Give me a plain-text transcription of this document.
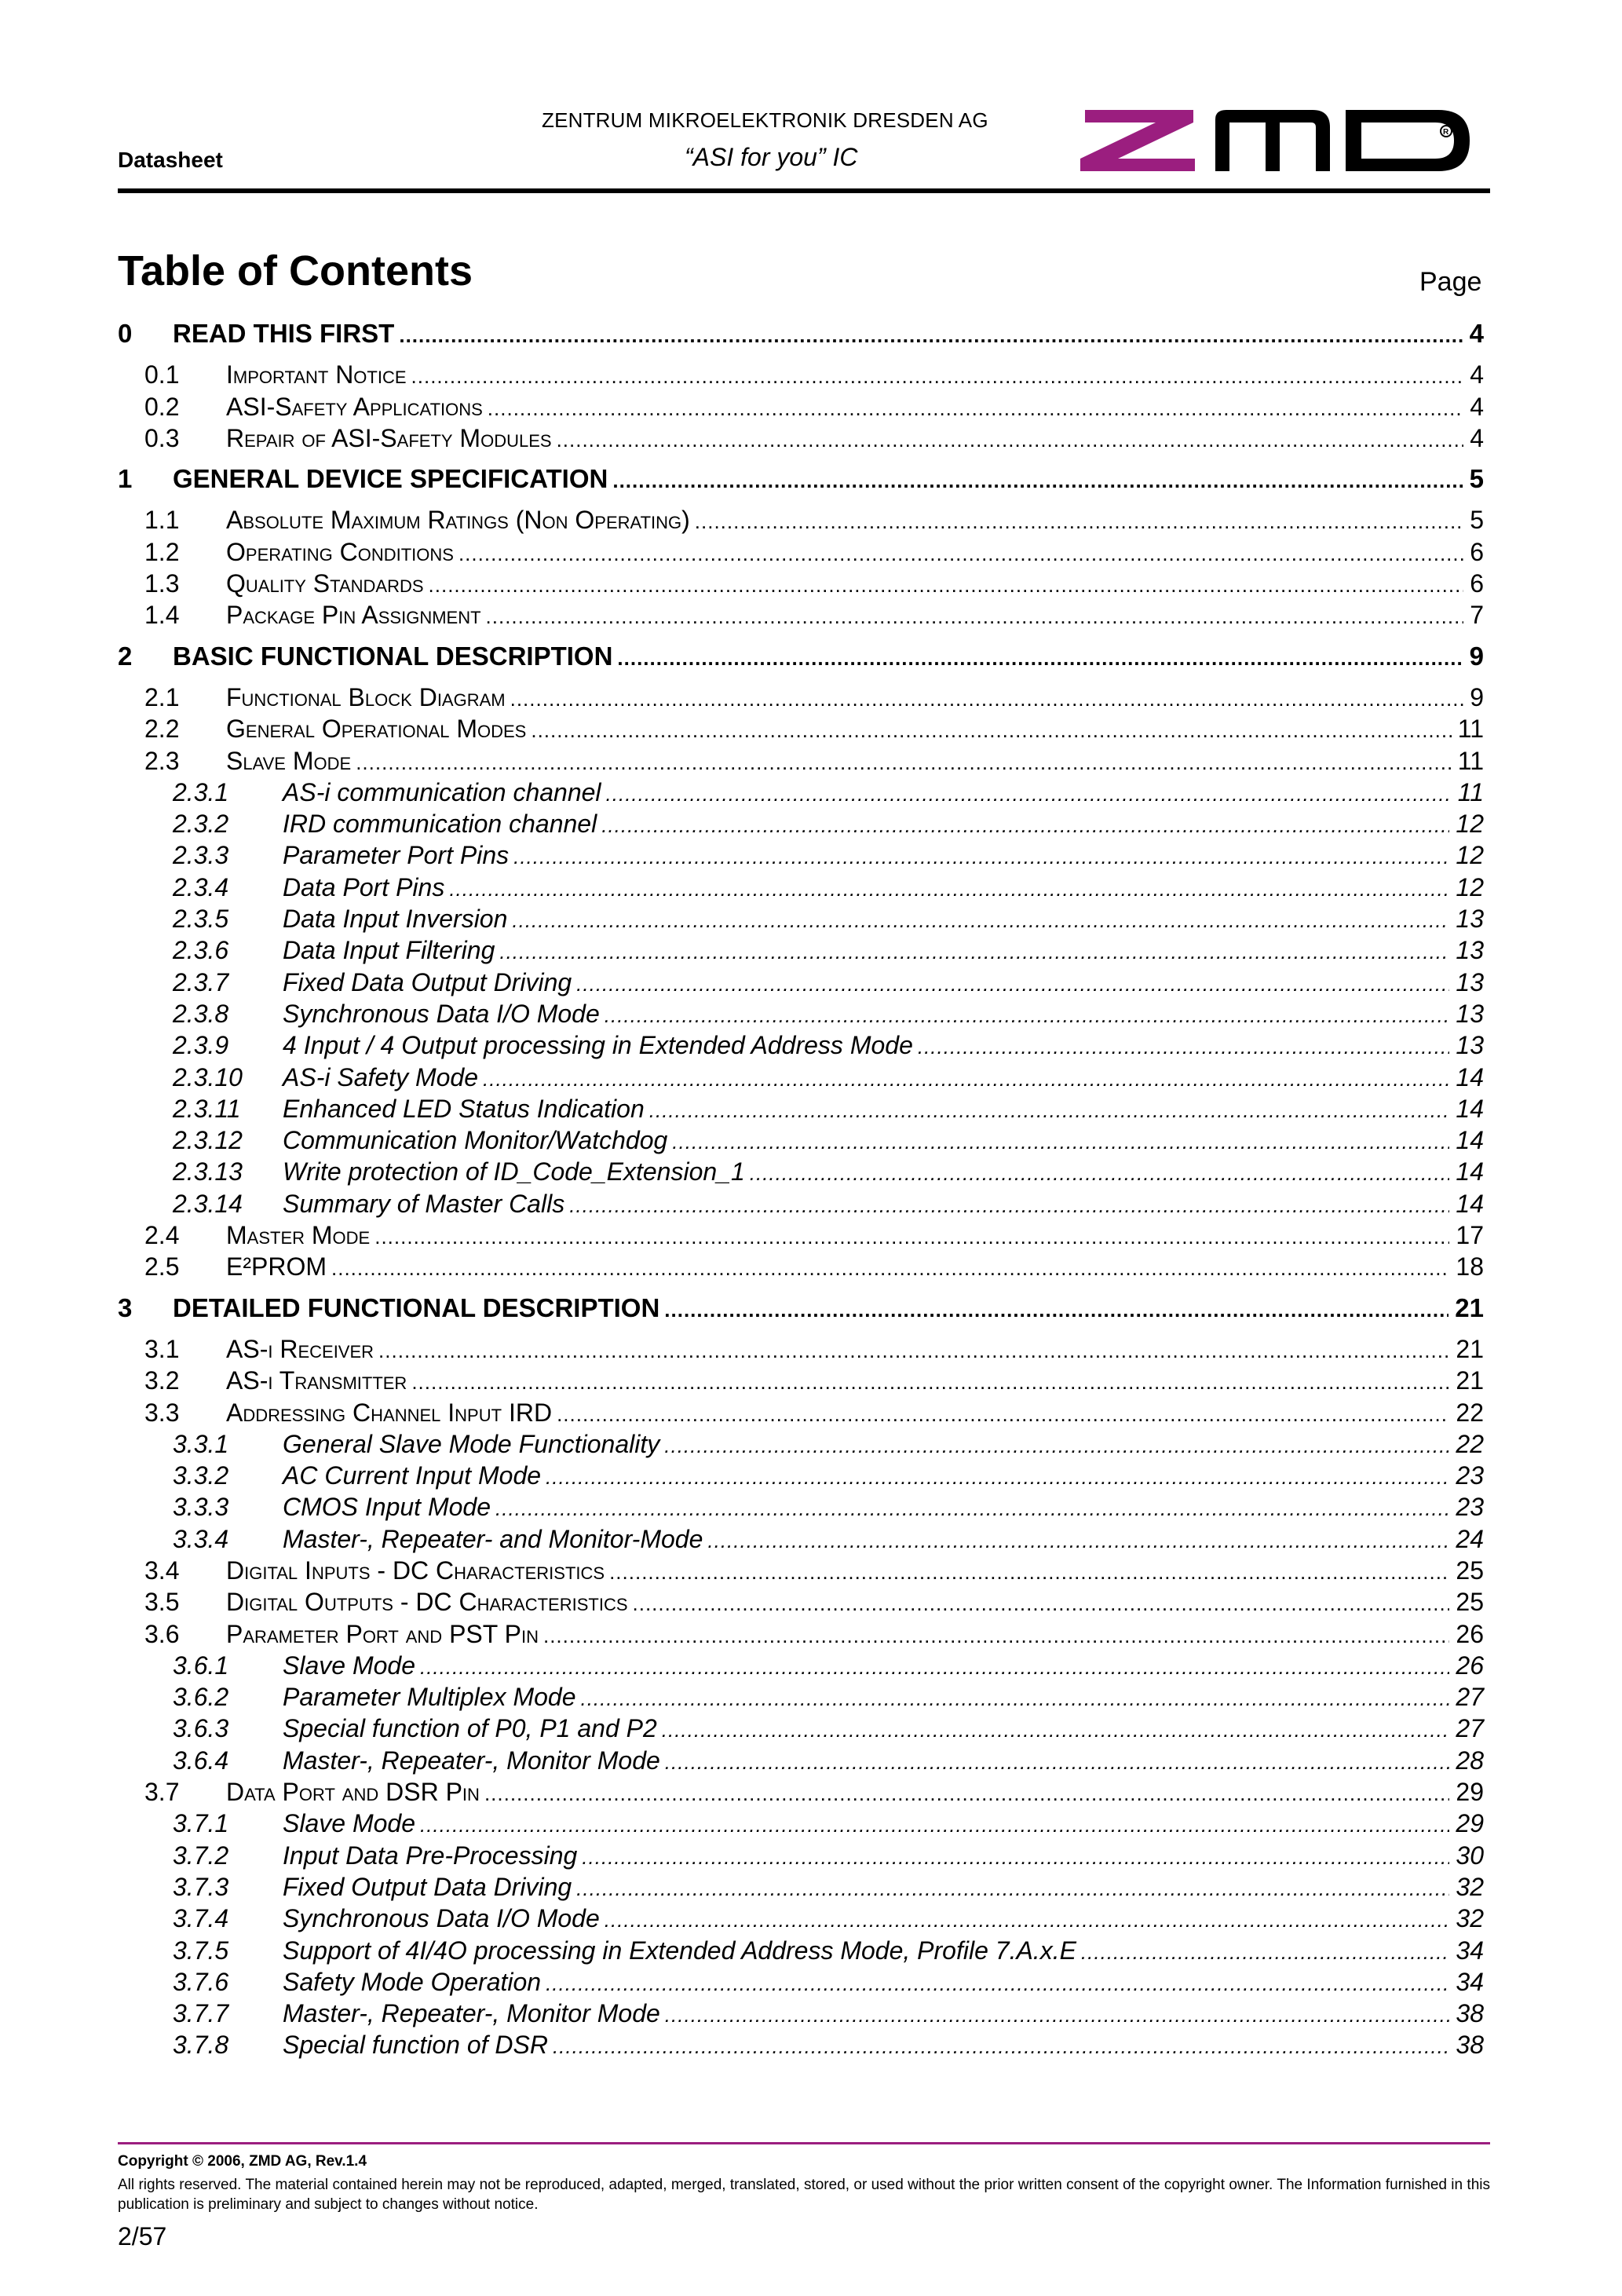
ZENTRUM MIKROELEKTRONIK DRESDEN AG
“ASI for you” IC
Datasheet
R
Table of Contents	Page
0	READ THIS FIRST .....	4
0.1	Important Notice .....	4
0.2	ASI-Safety Applications .....	4
0.3	Repair of ASI-Safety Modules .....	4
1	GENERAL DEVICE SPECIFICATION .....	5
1.1	Absolute Maximum Ratings (Non Operating) .....	5
1.2	Operating Conditions .....	6
1.3	Quality Standards .....	6
1.4	Package Pin Assignment .....	7
2	BASIC FUNCTIONAL DESCRIPTION .....	9
2.1	Functional Block Diagram .....	9
2.2	General Operational Modes .....	11
2.3	Slave Mode .....	11
2.3.1	AS-i communication channel .....	11
2.3.2	IRD communication channel .....	12
2.3.3	Parameter Port Pins .....	12
2.3.4	Data Port Pins .....	12
2.3.5	Data Input Inversion .....	13
2.3.6	Data Input Filtering .....	13
2.3.7	Fixed Data Output Driving .....	13
2.3.8	Synchronous Data I/O Mode .....	13
2.3.9	4 Input / 4 Output processing in Extended Address Mode .....	13
2.3.10	AS-i Safety Mode .....	14
2.3.11	Enhanced LED Status Indication .....	14
2.3.12	Communication Monitor/Watchdog .....	14
2.3.13	Write protection of ID_Code_Extension_1 .....	14
2.3.14	Summary of Master Calls .....	14
2.4	Master Mode .....	17
2.5	E²PROM .....	18
3	DETAILED FUNCTIONAL DESCRIPTION .....	21
3.1	AS-i Receiver .....	21
3.2	AS-i Transmitter .....	21
3.3	Addressing Channel Input IRD .....	22
3.3.1	General Slave Mode Functionality .....	22
3.3.2	AC Current Input Mode .....	23
3.3.3	CMOS Input Mode .....	23
3.3.4	Master-, Repeater- and Monitor-Mode .....	24
3.4	Digital Inputs - DC Characteristics .....	25
3.5	Digital Outputs - DC Characteristics .....	25
3.6	Parameter Port and PST Pin .....	26
3.6.1	Slave Mode .....	26
3.6.2	Parameter Multiplex Mode .....	27
3.6.3	Special function of P0, P1 and P2 .....	27
3.6.4	Master-, Repeater-, Monitor Mode .....	28
3.7	Data Port and DSR Pin .....	29
3.7.1	Slave Mode .....	29
3.7.2	Input Data Pre-Processing .....	30
3.7.3	Fixed Output Data Driving .....	32
3.7.4	Synchronous Data I/O Mode .....	32
3.7.5	Support of 4I/4O processing in Extended Address Mode, Profile 7.A.x.E .....	34
3.7.6	Safety Mode Operation .....	34
3.7.7	Master-, Repeater-, Monitor Mode .....	38
3.7.8	Special function of DSR .....	38
Copyright © 2006, ZMD AG, Rev.1.4
All rights reserved. The material contained herein may not be reproduced, adapted, merged, translated, stored, or used without the prior written consent of the copyright owner. The Information furnished in this publication is preliminary and subject to changes without notice.
2/57
